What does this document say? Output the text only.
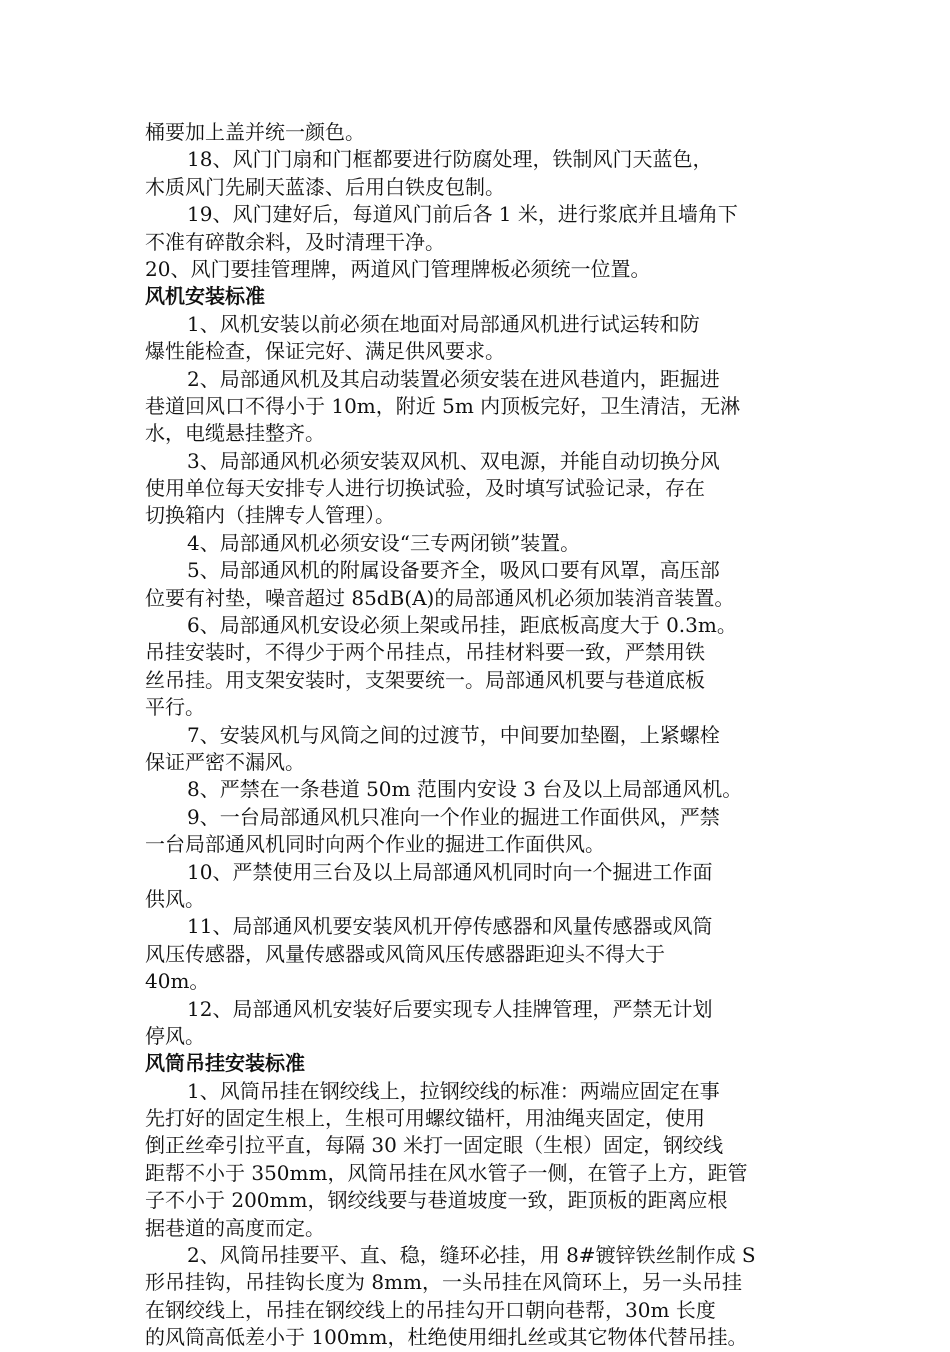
桶要加上盖并统一颜色。
18、风门门扇和门框都要进行防腐处理，铁制风门天蓝色，
木质风门先刷天蓝漆、后用白铁皮包制。
19、风门建好后，每道风门前后各 1 米，进行浆底并且墙角下
不准有碎散余料，及时清理干净。
20、风门要挂管理牌，两道风门管理牌板必须统一位置。
风机安装标准
1、风机安装以前必须在地面对局部通风机进行试运转和防
爆性能检查，保证完好、满足供风要求。
2、局部通风机及其启动装置必须安装在进风巷道内，距掘进
巷道回风口不得小于 10m，附近 5m 内顶板完好，卫生清洁，无淋
水，电缆悬挂整齐。
3、局部通风机必须安装双风机、双电源，并能自动切换分风
使用单位每天安排专人进行切换试验，及时填写试验记录，存在
切换箱内（挂牌专人管理）。
4、局部通风机必须安设“三专两闭锁”装置。
5、局部通风机的附属设备要齐全，吸风口要有风罩，高压部
位要有衬垫，噪音超过 85dB(A)的局部通风机必须加装消音装置。
6、局部通风机安设必须上架或吊挂，距底板高度大于 0.3m。
吊挂安装时，不得少于两个吊挂点，吊挂材料要一致，严禁用铁
丝吊挂。用支架安装时，支架要统一。局部通风机要与巷道底板
平行。
7、安装风机与风筒之间的过渡节，中间要加垫圈，上紧螺栓
保证严密不漏风。
8、严禁在一条巷道 50m 范围内安设 3 台及以上局部通风机。
9、一台局部通风机只准向一个作业的掘进工作面供风，严禁
一台局部通风机同时向两个作业的掘进工作面供风。
10、严禁使用三台及以上局部通风机同时向一个掘进工作面
供风。
11、局部通风机要安装风机开停传感器和风量传感器或风筒
风压传感器，风量传感器或风筒风压传感器距迎头不得大于
40m。
12、局部通风机安装好后要实现专人挂牌管理，严禁无计划
停风。
风筒吊挂安装标准
1、风筒吊挂在钢绞线上，拉钢绞线的标准：两端应固定在事
先打好的固定生根上，生根可用螺纹锚杆，用油绳夹固定，使用
倒正丝牵引拉平直，每隔 30 米打一固定眼（生根）固定，钢绞线
距帮不小于 350mm，风筒吊挂在风水管子一侧，在管子上方，距管
子不小于 200mm，钢绞线要与巷道坡度一致，距顶板的距离应根
据巷道的高度而定。
2、风筒吊挂要平、直、稳，缝环必挂，用 8#镀锌铁丝制作成 S
形吊挂钩，吊挂钩长度为 8mm，一头吊挂在风筒环上，另一头吊挂
在钢绞线上，吊挂在钢绞线上的吊挂勾开口朝向巷帮，30m 长度
的风筒高低差小于 100mm，杜绝使用细扎丝或其它物体代替吊挂。
